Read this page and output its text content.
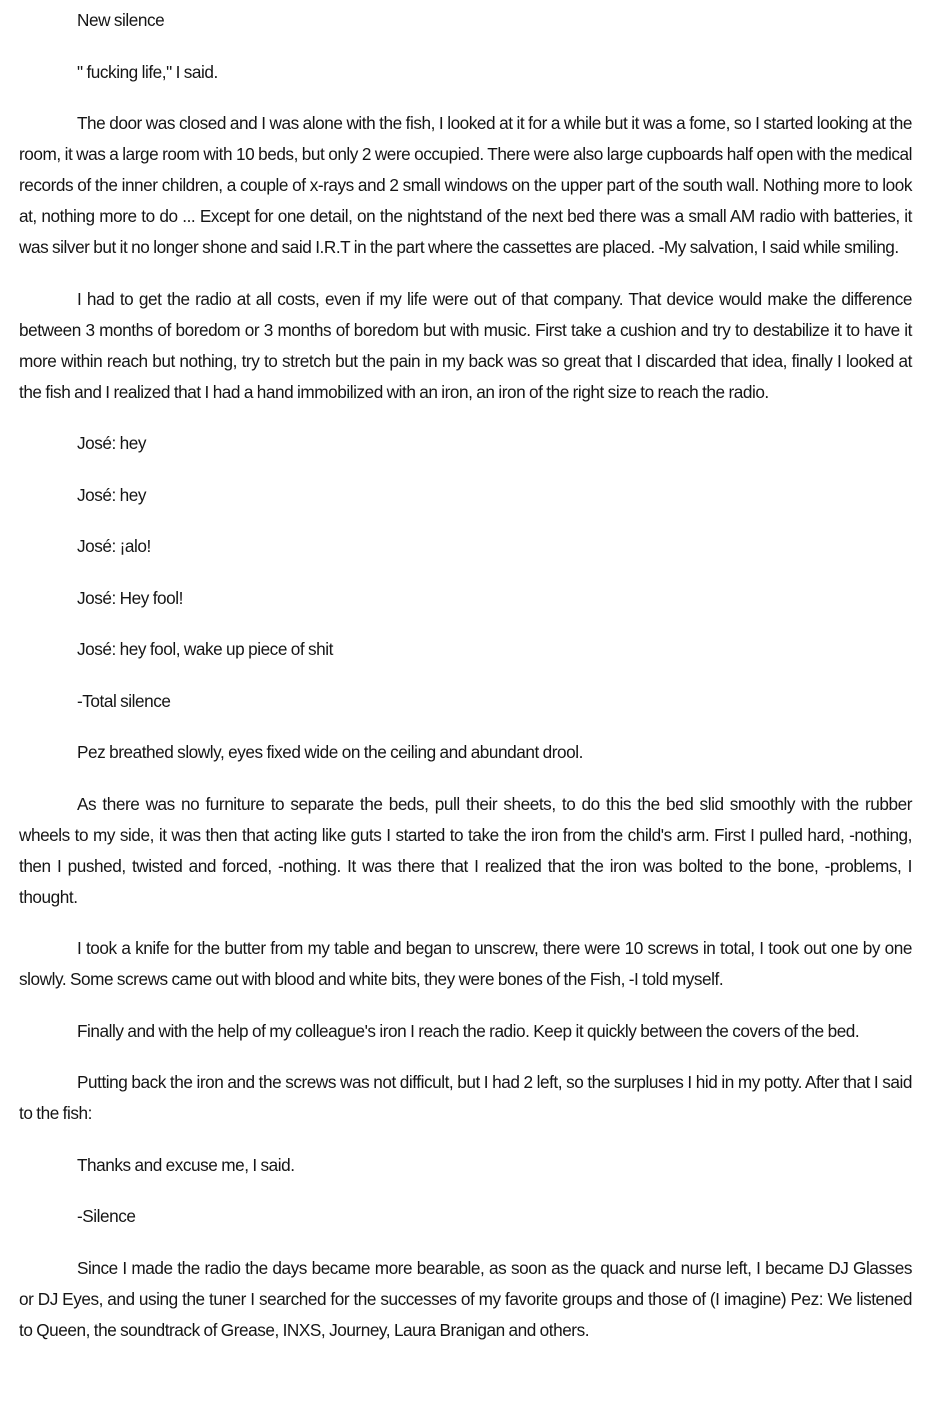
New silence

" fucking life," I said.

The door was closed and I was alone with the fish, I looked at it for a while but it was a fome, so I started looking at the room, it was a large room with 10 beds, but only 2 were occupied. There were also large cupboards half open with the medical records of the inner children, a couple of x-rays and 2 small windows on the upper part of the south wall. Nothing more to look at, nothing more to do ... Except for one detail, on the nightstand of the next bed there was a small AM radio with batteries, it was silver but it no longer shone and said I.R.T in the part where the cassettes are placed. -My salvation, I said while smiling.

I had to get the radio at all costs, even if my life were out of that company. That device would make the difference between 3 months of boredom or 3 months of boredom but with music. First take a cushion and try to destabilize it to have it more within reach but nothing, try to stretch but the pain in my back was so great that I discarded that idea, finally I looked at the fish and I realized that I had a hand immobilized with an iron, an iron of the right size to reach the radio.

José: hey

José: hey

José: ¡alo!

José: Hey fool!

José: hey fool, wake up piece of shit

-Total silence

Pez breathed slowly, eyes fixed wide on the ceiling and abundant drool.

As there was no furniture to separate the beds, pull their sheets, to do this the bed slid smoothly with the rubber wheels to my side, it was then that acting like guts I started to take the iron from the child's arm. First I pulled hard, -nothing, then I pushed, twisted and forced, -nothing. It was there that I realized that the iron was bolted to the bone, -problems, I thought.

I took a knife for the butter from my table and began to unscrew, there were 10 screws in total, I took out one by one slowly. Some screws came out with blood and white bits, they were bones of the Fish, -I told myself.

Finally and with the help of my colleague's iron I reach the radio. Keep it quickly between the covers of the bed.

Putting back the iron and the screws was not difficult, but I had 2 left, so the surpluses I hid in my potty. After that I said to the fish:

Thanks and excuse me, I said.

-Silence

Since I made the radio the days became more bearable, as soon as the quack and nurse left, I became DJ Glasses or DJ Eyes, and using the tuner I searched for the successes of my favorite groups and those of (I imagine) Pez: We listened to Queen, the soundtrack of Grease, INXS, Journey, Laura Branigan and others.
